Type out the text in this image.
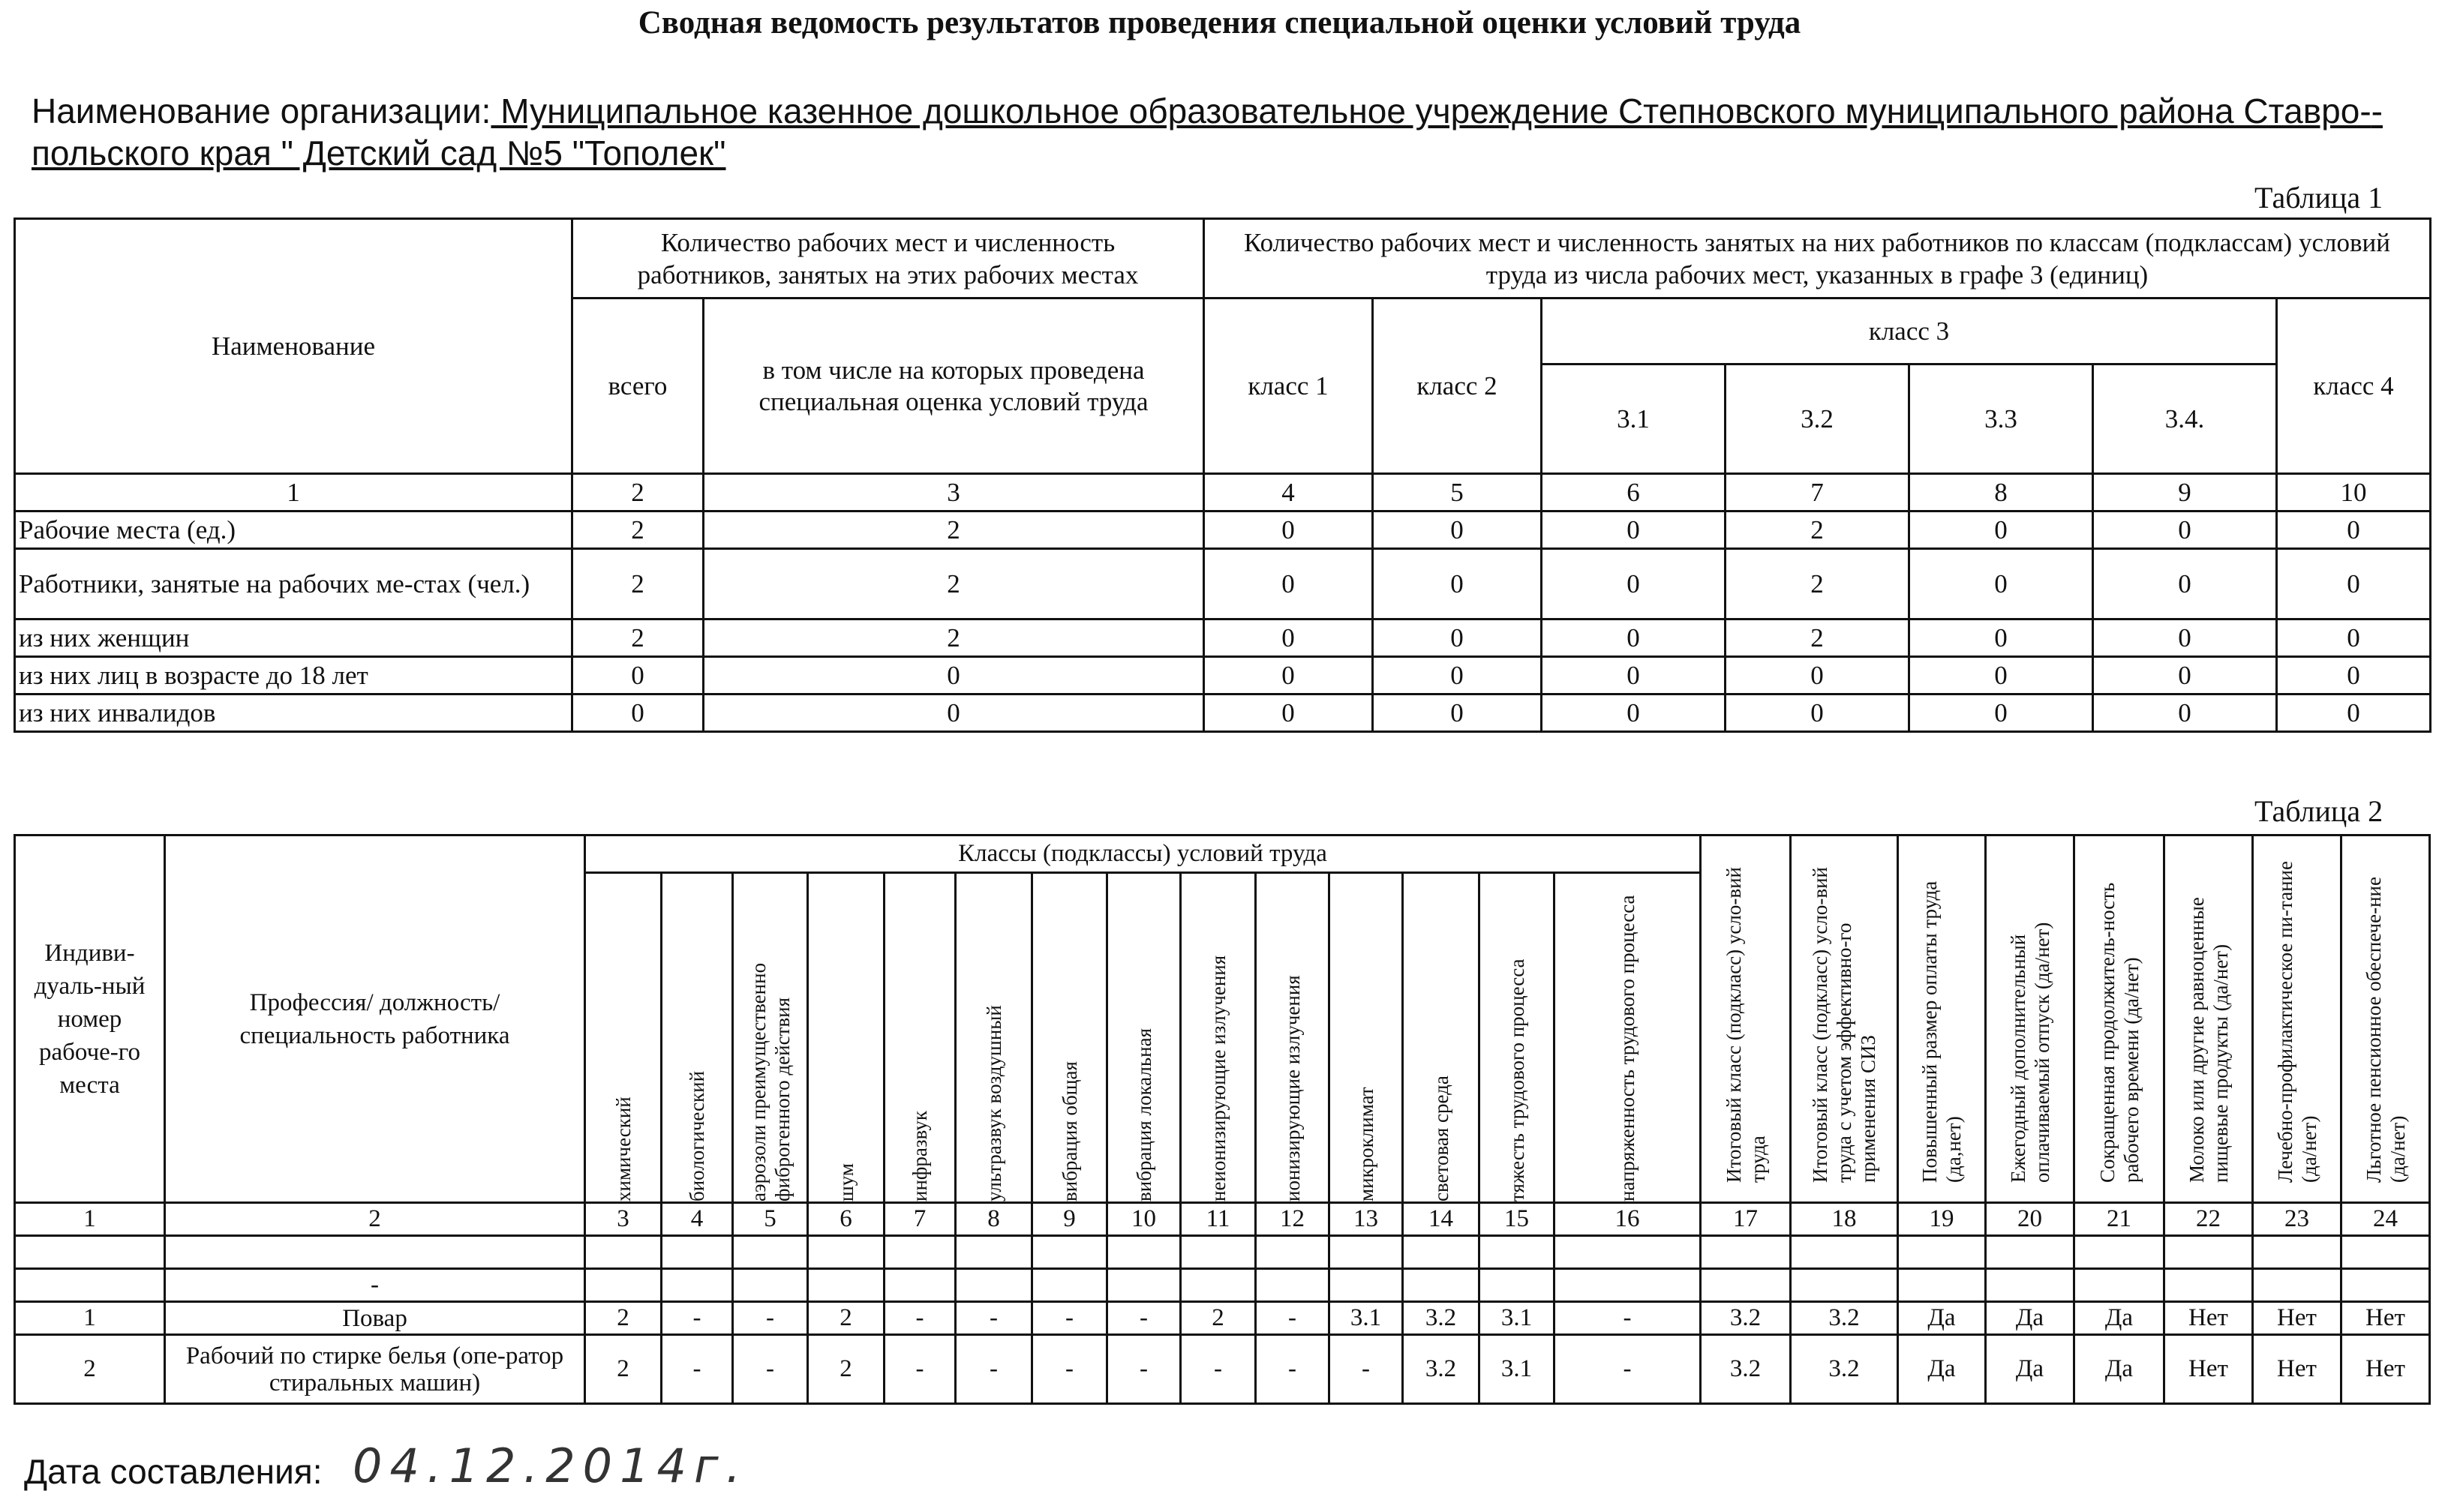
Сводная ведомость результатов проведения специальной оценки условий труда
Наименование организации: Муниципальное казенное дошкольное образовательное учреждение Степновского муниципального района Ставро-польского края " Детский сад №5 "Тополек"
Таблица 1
Наименование	Количество рабочих мест и численность работников, занятых на этих рабочих местах		Количество рабочих мест и численность занятых на них работников по классам (подклассам) условий труда из числа рабочих мест, указанных в графе 3 (единиц)						
	всего	в том числе на которых проведена специальная оценка условий труда	класс 1	класс 2	класс 3				класс 4
					3.1	3.2	3.3	3.4.	
1	2	3	4	5	6	7	8	9	10
Рабочие места (ед.)	2	2	0	0	0	2	0	0	0
Работники, занятые на рабочих ме-стах (чел.)	2	2	0	0	0	2	0	0	0
из них женщин	2	2	0	0	0	2	0	0	0
из них лиц в возрасте до 18 лет	0	0	0	0	0	0	0	0	0
из них инвалидов	0	0	0	0	0	0	0	0	0
Таблица 2
Индиви-дуаль-ный номер рабоче-го места	Профессия/ должность/ специальность работника	Классы (подклассы) условий труда														Итоговый класс (подкласс) усло-вий труда	Итоговый класс (подкласс) усло-вий труда с учетом эффективно-го применения СИЗ	Повышенный размер оплаты труда (да,нет)	Ежегодный дополнительный оплачиваемый отпуск (да/нет)	Сокращенная продолжитель-ность рабочего времени (да/нет)	Молоко или другие равноценные пищевые продукты (да/нет)	Лечебно-профилактическое пи-тание (да/нет)	Льготное пенсионное обеспече-ние (да/нет)

		химический	биологический	аэрозоли преимущественно фиброгенного действия	шум	инфразвук	ультразвук воздушный	вибрация общая	вибрация локальная	неионизирующие излучения	ионизирующие излучения	микроклимат	световая среда	тяжесть трудового процесса	напряженность трудового процесса								

1	2	3	4	5	6	7	8	9	10	11	12	13	14	15	16	17	18	19	20	21	22	23	24

	-																						
1	Повар	2	-	-	2	-	-	-	-	2	-	3.1	3.2	3.1	-	3.2	3.2	Да	Да	Да	Нет	Нет	Нет
2	Рабочий по стирке белья (опе-ратор стиральных машин)	2	-	-	2	-	-	-	-	-	-	-	3.2	3.1	-	3.2	3.2	Да	Да	Да	Нет	Нет	Нет
Дата составления: 04.12.2014г.
